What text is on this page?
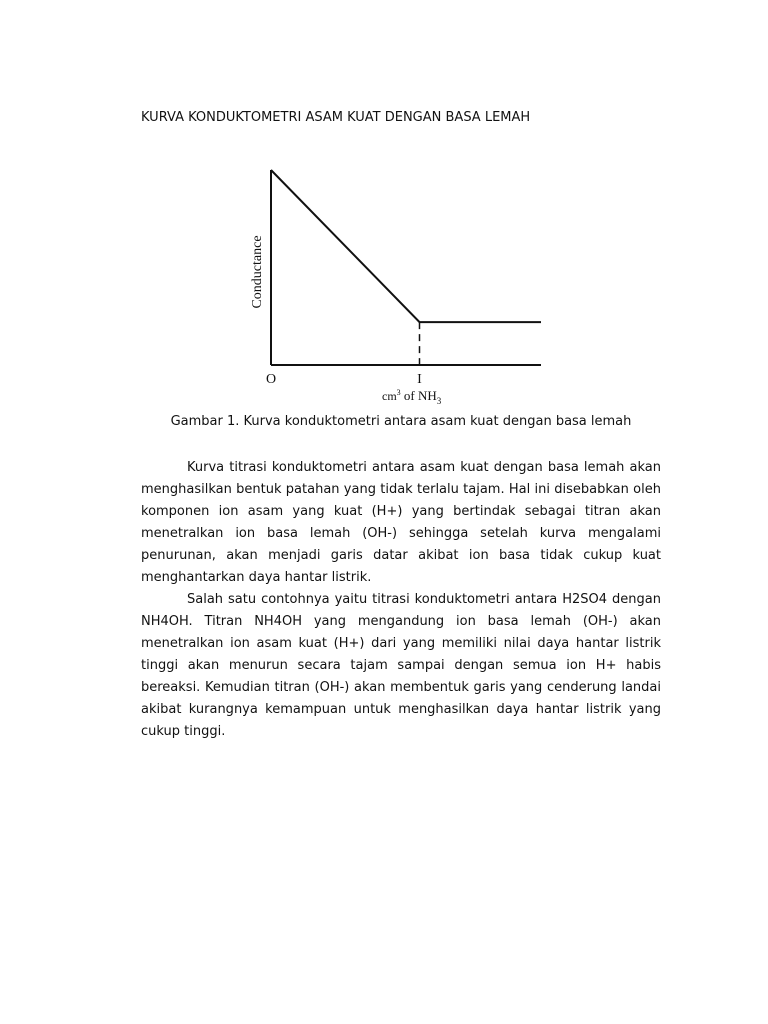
KURVA KONDUKTOMETRI ASAM KUAT DENGAN BASA LEMAH
Conductance
O	I
$cm^3$ of $NH_3$
Gambar 1. Kurva konduktometri antara asam kuat dengan basa lemah

Kurva titrasi konduktometri antara asam kuat dengan basa lemah akan menghasilkan bentuk patahan yang tidak terlalu tajam. Hal ini disebabkan oleh komponen ion asam yang kuat (H+) yang bertindak sebagai titran akan menetralkan ion basa lemah (OH-) sehingga setelah kurva mengalami penurunan, akan menjadi garis datar akibat ion basa tidak cukup kuat menghantarkan daya hantar listrik.

Salah satu contohnya yaitu titrasi konduktometri antara H2SO4 dengan NH4OH. Titran NH4OH yang mengandung ion basa lemah (OH-) akan menetralkan ion asam kuat (H+) dari yang memiliki nilai daya hantar listrik tinggi akan menurun secara tajam sampai dengan semua ion H+ habis bereaksi. Kemudian titran (OH-) akan membentuk garis yang cenderung landai akibat kurangnya kemampuan untuk menghasilkan daya hantar listrik yang cukup tinggi.
